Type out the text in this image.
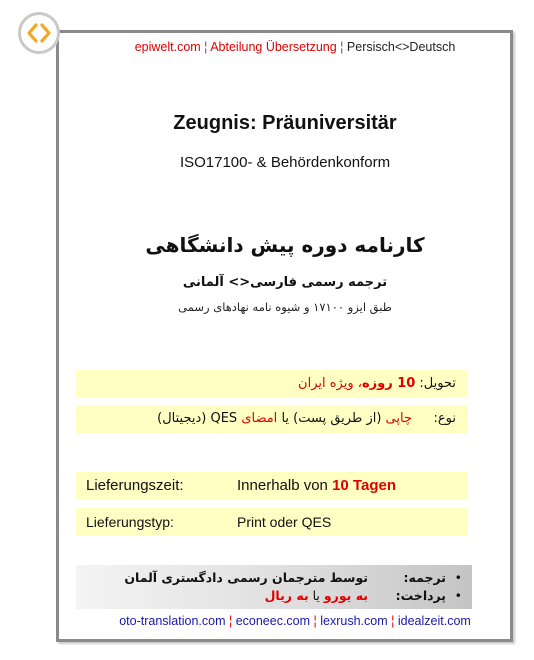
epiwelt.com ¦ Abteilung Übersetzung ¦ Persisch<>Deutsch
Zeugnis: Präuniversitär
ISO17100- & Behördenkonform
کارنامه دوره پیش دانشگاهی
ترجمه رسمی فارسی<> آلمانی
طبق ایزو ۱۷۱۰۰ و شیوه نامه نهادهای رسمی
تحویل: 10 روزه، ویژه ایران
نوع:چاپی (از طریق پست) یا امضای QES (دیجیتال)
Lieferungszeit:	Innerhalb von 10 Tagen
Lieferungstyp:	Print oder QES
•ترجمه:توسط مترجمان رسمی دادگستری آلمان
•پرداخت:به یورو یا به ریال
oto-translation.com ¦ econeec.com ¦ lexrush.com ¦ idealzeit.com
